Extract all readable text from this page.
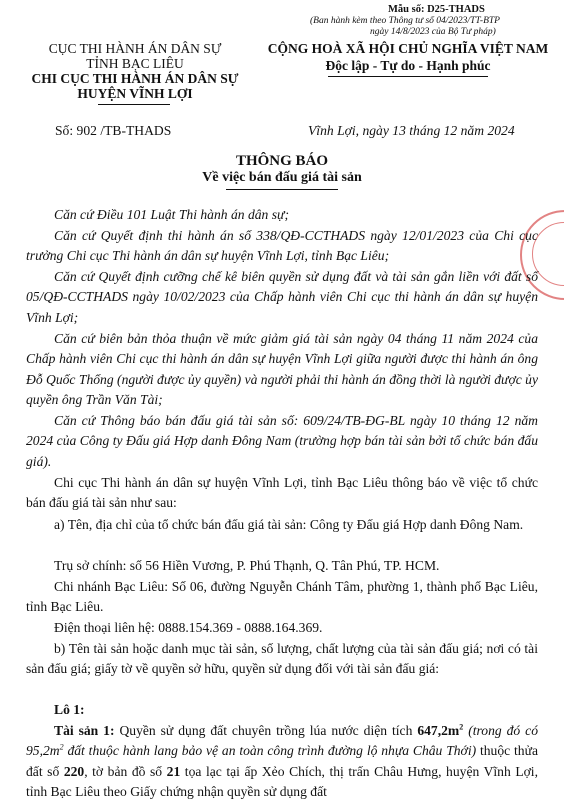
Mẫu số: D25-THADS
(Ban hành kèm theo Thông tư số 04/2023/TT-BTP
ngày 14/8/2023 của Bộ Tư pháp)
CỤC THI HÀNH ÁN DÂN SỰ
TỈNH BẠC LIÊU
CHI CỤC THI HÀNH ÁN DÂN SỰ
HUYỆN VĨNH LỢI
CỘNG HOÀ XÃ HỘI CHỦ NGHĨA VIỆT NAM
Độc lập - Tự do - Hạnh phúc
Số: 902 /TB-THADS	Vĩnh Lợi, ngày 13 tháng 12 năm 2024
THÔNG BÁO
Về việc bán đấu giá tài sản
Căn cứ Điều 101 Luật Thi hành án dân sự;
Căn cứ Quyết định thi hành án số 338/QĐ-CCTHADS ngày 12/01/2023 của Chi cục trưởng Chi cục Thi hành án dân sự huyện Vĩnh Lợi, tỉnh Bạc Liêu;
Căn cứ Quyết định cưỡng chế kê biên quyền sử dụng đất và tài sản gắn liền với đất số 05/QĐ-CCTHADS ngày 10/02/2023 của Chấp hành viên Chi cục thi hành án dân sự huyện Vĩnh Lợi;
Căn cứ biên bản thỏa thuận về mức giảm giá tài sản ngày 04 tháng 11 năm 2024 của Chấp hành viên Chi cục thi hành án dân sự huyện Vĩnh Lợi giữa người được thi hành án ông Đỗ Quốc Thống (người được ủy quyền) và người phải thi hành án đồng thời là người được ủy quyền ông Trần Văn Tài;
Căn cứ Thông báo bán đấu giá tài sản số: 609/24/TB-ĐG-BL ngày 10 tháng 12 năm 2024 của Công ty Đấu giá Hợp danh Đông Nam (trường hợp bán tài sản bởi tổ chức bán đấu giá).
Chi cục Thi hành án dân sự huyện Vĩnh Lợi, tỉnh Bạc Liêu thông báo về việc tổ chức bán đấu giá tài sản như sau:
a) Tên, địa chỉ của tổ chức bán đấu giá tài sản: Công ty Đấu giá Hợp danh Đông Nam.
Trụ sở chính: số 56 Hiền Vương, P. Phú Thạnh, Q. Tân Phú, TP. HCM.
Chi nhánh Bạc Liêu: Số 06, đường Nguyễn Chánh Tâm, phường 1, thành phố Bạc Liêu, tỉnh Bạc Liêu.
Điện thoại liên hệ: 0888.154.369 - 0888.164.369.
b) Tên tài sản hoặc danh mục tài sản, số lượng, chất lượng của tài sản đấu giá; nơi có tài sản đấu giá; giấy tờ về quyền sở hữu, quyền sử dụng đối với tài sản đấu giá:
Lô 1:
Tài sản 1: Quyền sử dụng đất chuyên trồng lúa nước diện tích $647,2m^2$ (trong đó có $95,2m^2$ đất thuộc hành lang bảo vệ an toàn công trình đường lộ nhựa Châu Thới) thuộc thửa đất số 220, tờ bản đồ số 21 tọa lạc tại ấp Xẻo Chích, thị trấn Châu Hưng, huyện Vĩnh Lợi, tỉnh Bạc Liêu theo Giấy chứng nhận quyền sử dụng đất
